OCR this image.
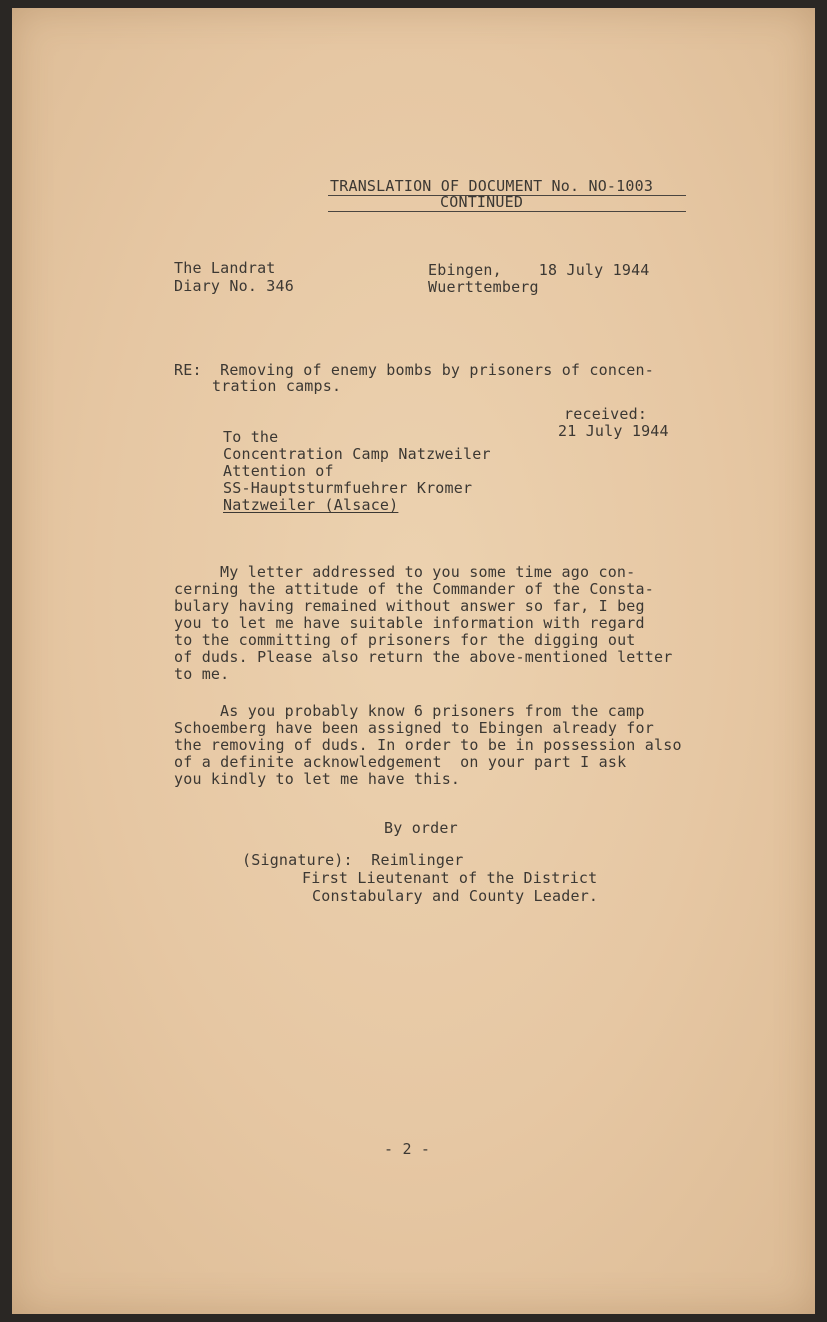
TRANSLATION OF DOCUMENT No. NO-1003
CONTINUED
The Landrat
Diary No. 346
Ebingen,    18 July 1944
Wuerttemberg
RE:  Removing of enemy bombs by prisoners of concen-
tration camps.
received:
21 July 1944
To the
Concentration Camp Natzweiler
Attention of
SS-Hauptsturmfuehrer Kromer
Natzweiler (Alsace)
My letter addressed to you some time ago con-
cerning the attitude of the Commander of the Consta-
bulary having remained without answer so far, I beg
you to let me have suitable information with regard
to the committing of prisoners for the digging out
of duds. Please also return the above-mentioned letter
to me.
As you probably know 6 prisoners from the camp
Schoemberg have been assigned to Ebingen already for
the removing of duds. In order to be in possession also
of a definite acknowledgement  on your part I ask
you kindly to let me have this.
By order
(Signature):  Reimlinger
First Lieutenant of the District
Constabulary and County Leader.
- 2 -
